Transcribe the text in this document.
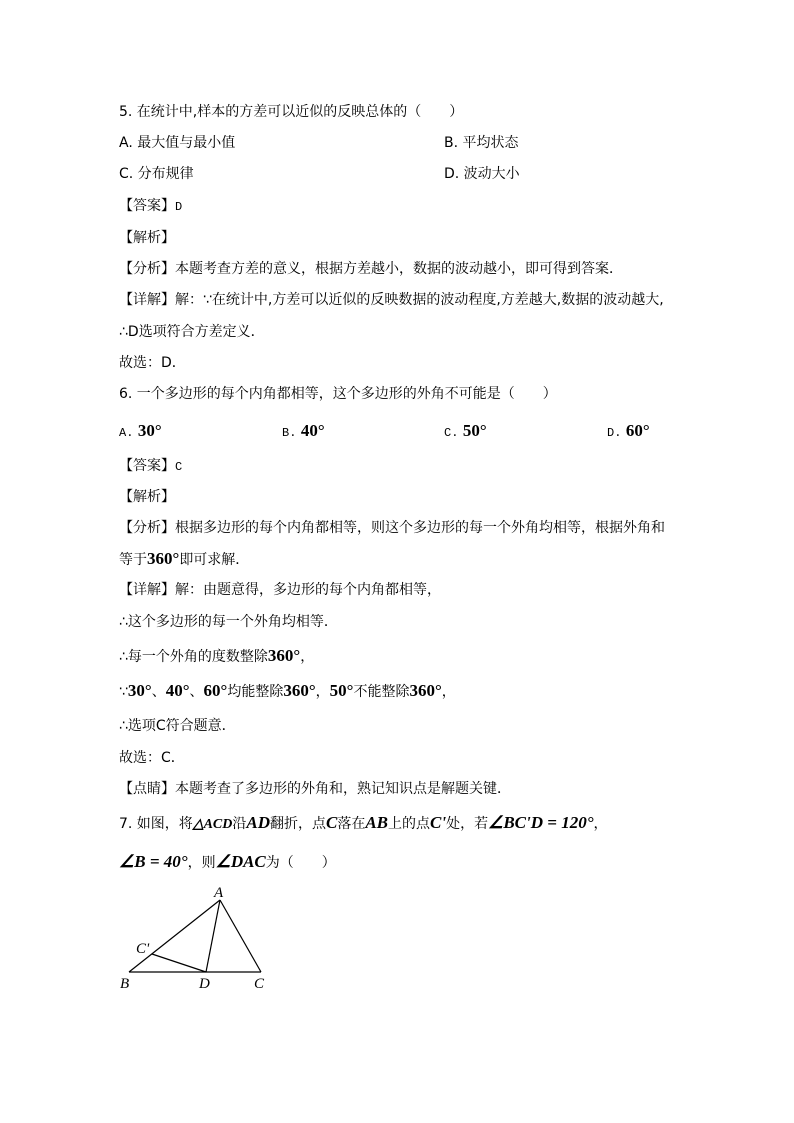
5. 在统计中,样本的方差可以近似的反映总体的（　　）
A. 最大值与最小值	B. 平均状态
C. 分布规律	D. 波动大小
【答案】D
【解析】
【分析】本题考查方差的意义，根据方差越小，数据的波动越小，即可得到答案．
【详解】解：∵在统计中,方差可以近似的反映数据的波动程度,方差越大,数据的波动越大,
∴D选项符合方差定义．
故选：D．
6. 一个多边形的每个内角都相等，这个多边形的外角不可能是（　　）
A. 30°	B. 40°	C. 50°	D. 60°
【答案】C
【解析】
【分析】根据多边形的每个内角都相等，则这个多边形的每一个外角均相等，根据外角和
等于360°即可求解．
【详解】解：由题意得，多边形的每个内角都相等，
∴这个多边形的每一个外角均相等．
∴每一个外角的度数整除360°，
∵30°、40°、60°均能整除360°，50°不能整除360°，
∴选项C符合题意．
故选：C．
【点睛】本题考查了多边形的外角和，熟记知识点是解题关键．
7. 如图，将△ACD沿AD翻折，点C落在AB上的点C'处，若∠BC'D = 120°，
∠B = 40°，则∠DAC为（　　）
A
B	C
D
C'
